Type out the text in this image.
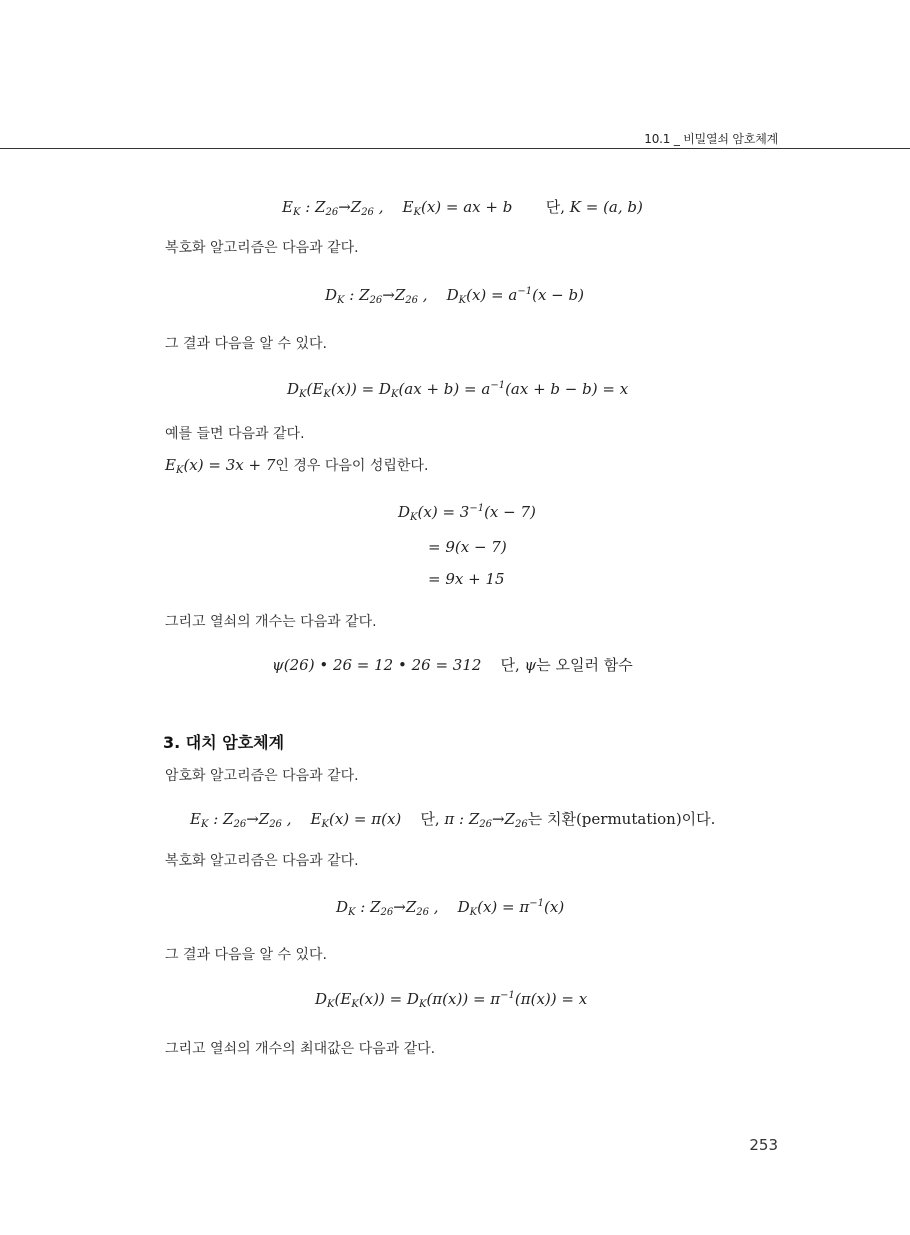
10.1 _ 비밀열쇠 암호체계
$E_K$ : $Z_{26}\to Z_{26}$ ,    $E_K(x)$ = ax + b       단, K = (a, b)
복호화 알고리즘은 다음과 같다.
$D_K$ : $Z_{26}\to Z_{26}$ ,    $D_K(x) = a^{-1}(x - b)$
그 결과 다음을 알 수 있다.
$D_K(E_K(x)) = D_K(ax + b) = a^{-1}(ax + b - b) = x$
예를 들면 다음과 같다.
$E_K(x) = 3x + 7$인 경우 다음이 성립한다.
$D_K(x) = 3^{-1}(x - 7)$
= 9(x − 7)
= 9x + 15
그리고 열쇠의 개수는 다음과 같다.
ψ(26) • 26 = 12 • 26 = 312    단, ψ는 오일러 함수
3. 대치 암호체계
암호화 알고리즘은 다음과 같다.
$E_K$ : $Z_{26}\to Z_{26}$ ,    $E_K(x) = \pi(x)$    단, π : $Z_{26}\to Z_{26}$는 치환(permutation)이다.
복호화 알고리즘은 다음과 같다.
$D_K$ : $Z_{26}\to Z_{26}$ ,    $D_K(x) = \pi^{-1}(x)$
그 결과 다음을 알 수 있다.
$D_K(E_K(x)) = D_K(\pi(x)) = \pi^{-1}(\pi(x)) = x$
그리고 열쇠의 개수의 최대값은 다음과 같다.
253
